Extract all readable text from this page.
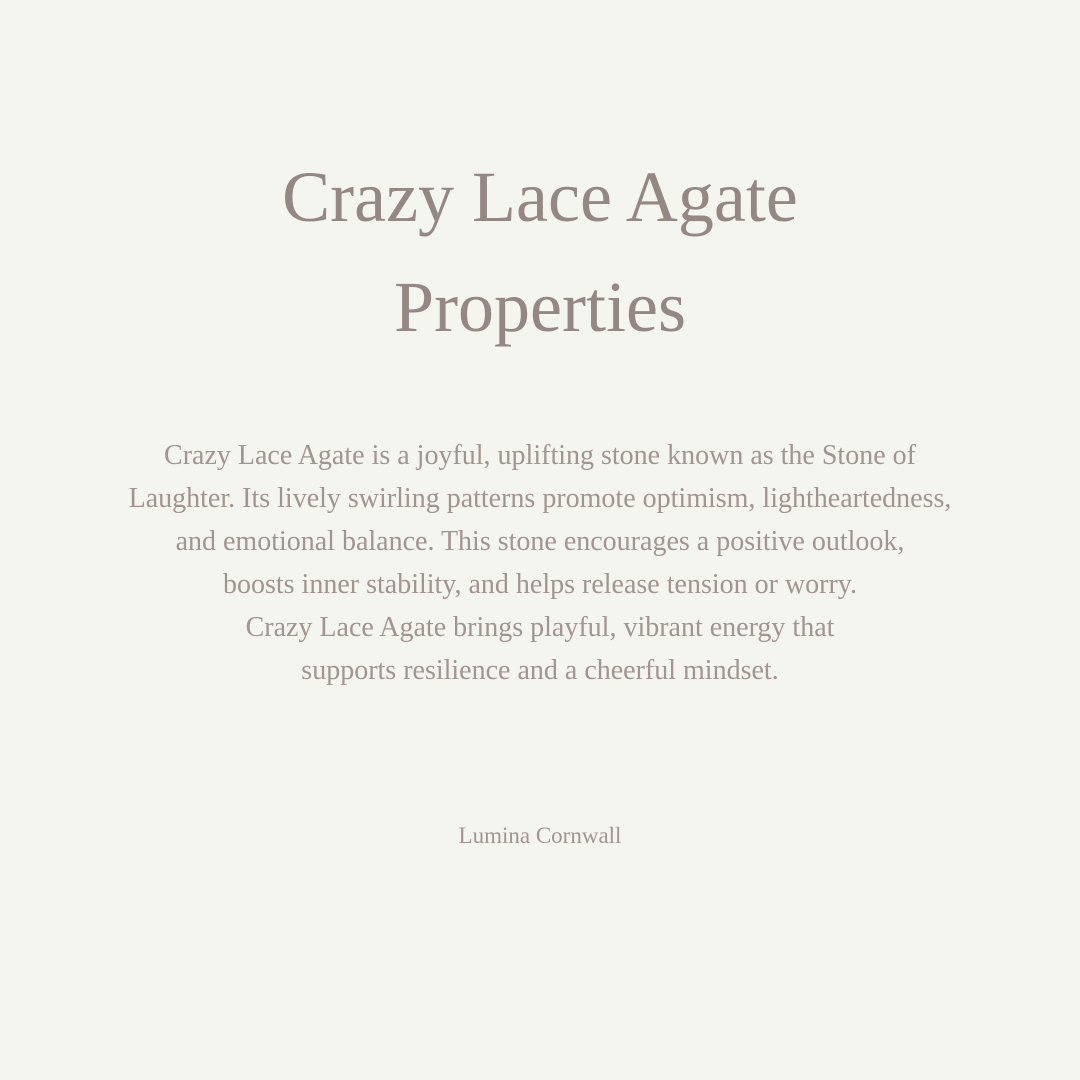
Crazy Lace Agate
Properties

Crazy Lace Agate is a joyful, uplifting stone known as the Stone of
Laughter. Its lively swirling patterns promote optimism, lightheartedness,
and emotional balance. This stone encourages a positive outlook,
boosts inner stability, and helps release tension or worry.
Crazy Lace Agate brings playful, vibrant energy that
supports resilience and a cheerful mindset.

Lumina Cornwall
